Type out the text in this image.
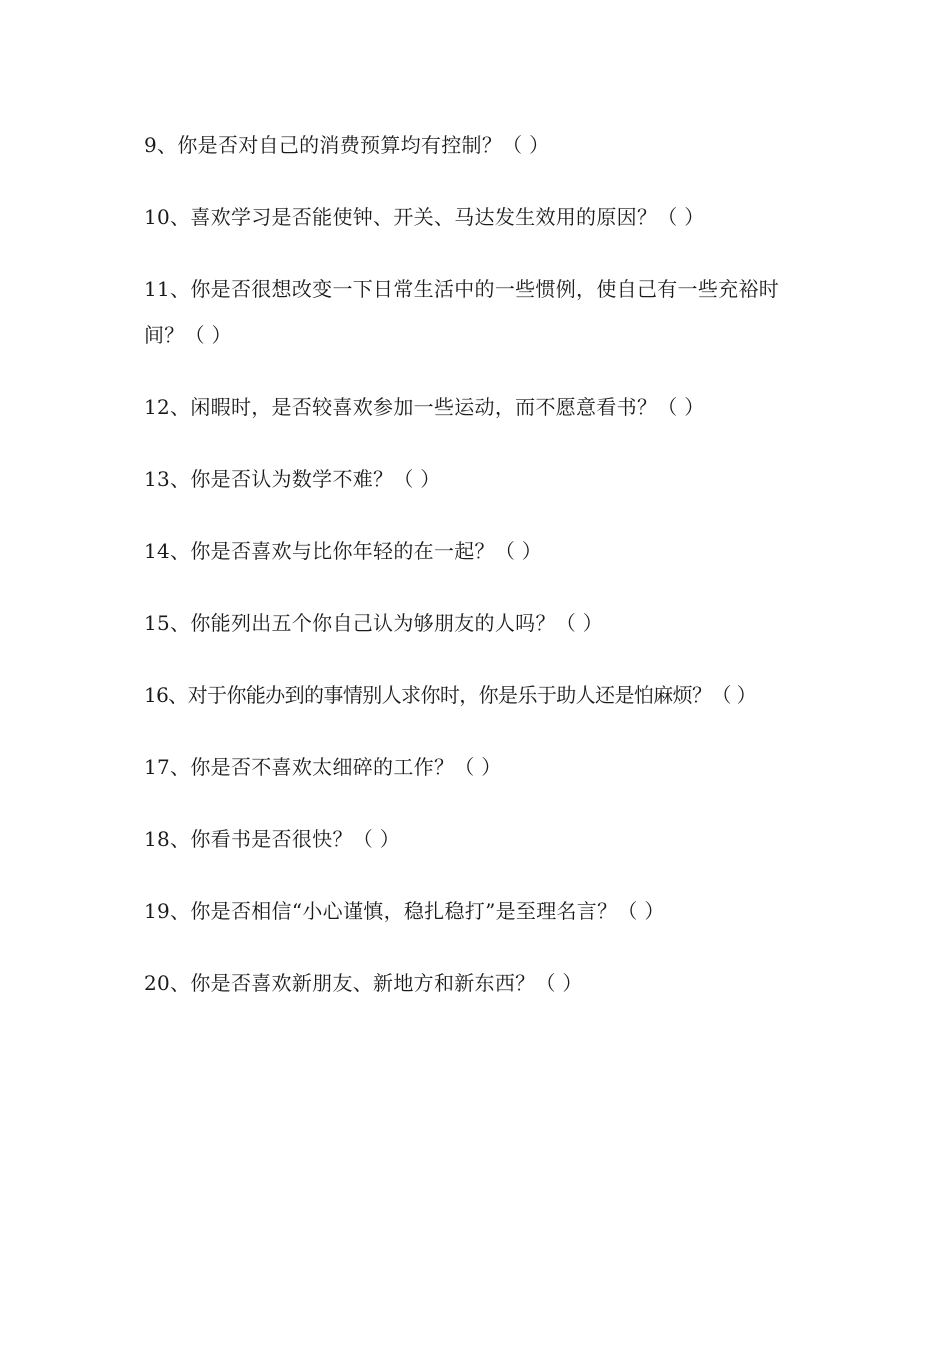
9、你是否对自己的消费预算均有控制？（ ）
10、喜欢学习是否能使钟、开关、马达发生效用的原因？（ ）
11、你是否很想改变一下日常生活中的一些惯例，使自己有一些充裕时间？（ ）
12、闲暇时，是否较喜欢参加一些运动，而不愿意看书？（ ）
13、你是否认为数学不难？（ ）
14、你是否喜欢与比你年轻的在一起？（ ）
15、你能列出五个你自己认为够朋友的人吗？（ ）
16、对于你能办到的事情别人求你时，你是乐于助人还是怕麻烦？（ ）
17、你是否不喜欢太细碎的工作？（ ）
18、你看书是否很快？（ ）
19、你是否相信“小心谨慎，稳扎稳打”是至理名言？（ ）
20、你是否喜欢新朋友、新地方和新东西？（ ）
